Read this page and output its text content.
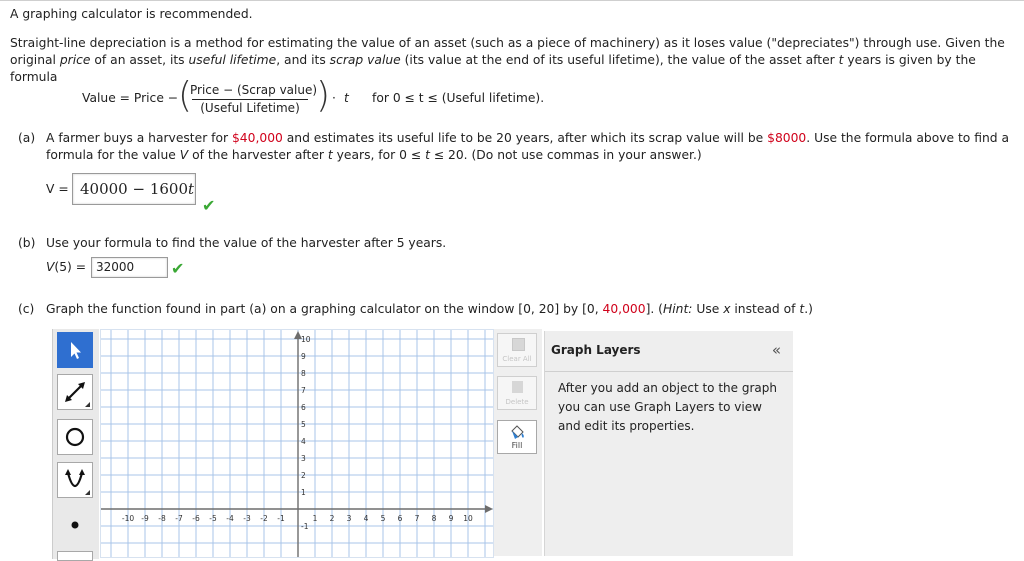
A graphing calculator is recommended.
Straight-line depreciation is a method for estimating the value of an asset (such as a piece of machinery) as it loses value ("depreciates") through use. Given the original price of an asset, its useful lifetime, and its scrap value (its value at the end of its useful lifetime), the value of the asset after t years is given by the formula
Value = Price − (
Price − (Scrap value)
(Useful Lifetime) ) · t for 0 ≤ t ≤ (Useful lifetime).
(a) A farmer buys a harvester for $40,000 and estimates its useful life to be 20 years, after which its scrap value will be $8000. Use the formula above to find a
formula for the value V of the harvester after t years, for 0 ≤ t ≤ 20. (Do not use commas in your answer.)
V = 40000 − 1600t
✔
(b) Use your formula to find the value of the harvester after 5 years.
V(5) = 32000 ✔
(c) Graph the function found in part (a) on a graphing calculator on the window [0, 20] by [0, 40,000]. (Hint: Use x instead of t.)
-10 -9 -8 -7 -6 -5 -4 -3 -2 -1	1 2 3 4 5 6 7 8 9 10
10
9
8
7
6
5
4
3
2
1
-1
Clear All
Delete
Fill
Graph Layers	«
After you add an object to the graph you can use Graph Layers to view and edit its properties.
